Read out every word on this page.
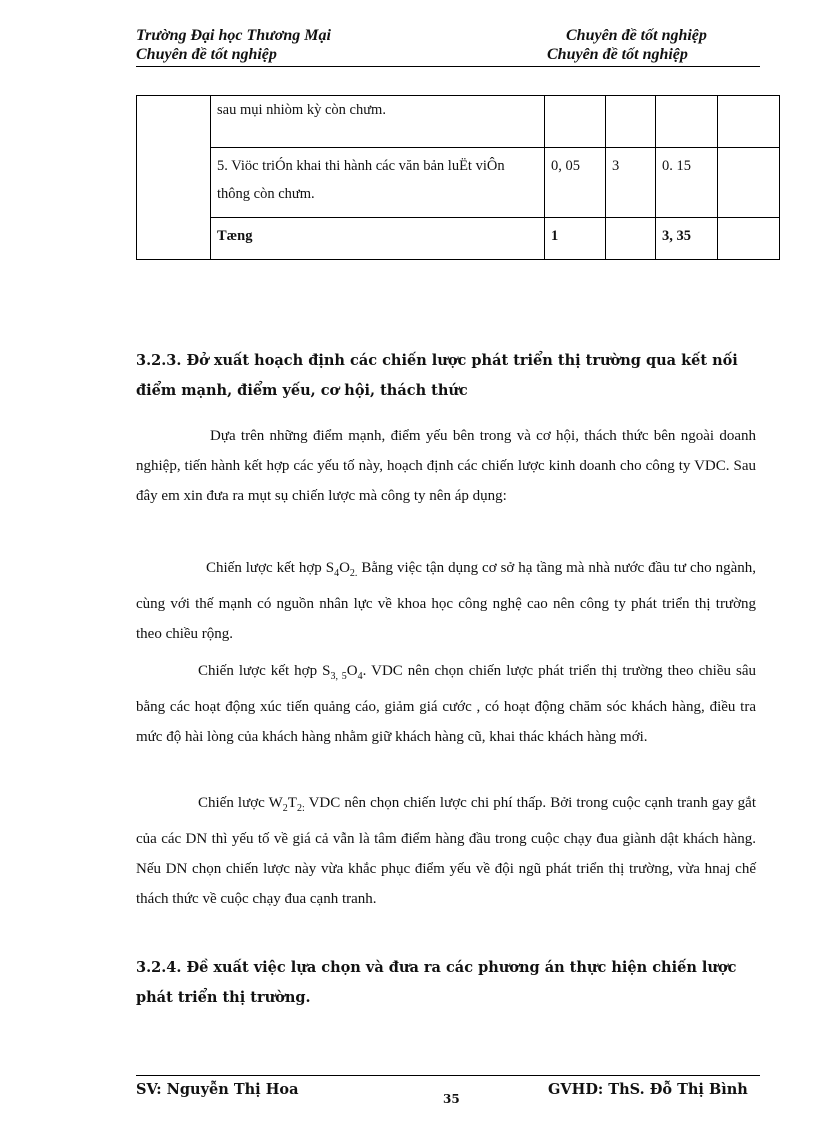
Trường Đại học Thương Mại
Chuyên đề tốt nghiệp
Chuyên đề tốt nghiệp
Chuyên đề tốt nghiệp
	sau mụi nhiòm kỳ còn chưm.				
	5. Viöc triÓn khai thi hành các văn bản luËt viÔn thông còn chưm.	0, 05	3	0. 15	
	Tæng	1		3, 35	
3.2.3. Đở xuất hoạch định các chiến lược phát triển thị trường qua kết nối điểm mạnh, điểm yếu, cơ hội, thách thức
Dựa trên những điểm mạnh, điểm yếu bên trong và cơ hội, thách thức bên ngoài doanh nghiệp, tiến hành kết hợp các yếu tố này, hoạch định các chiến lược kinh doanh cho công ty VDC. Sau đây em xin đưa ra mụt sụ chiến lược mà công ty nên áp dụng:
Chiến lược kết hợp $S_4O_{2.}$ Bằng việc tận dụng cơ sở hạ tầng mà nhà nước đầu tư cho ngành, cùng với thế mạnh có nguồn nhân lực về khoa học công nghệ cao nên công ty phát triển thị trường theo chiều rộng.
Chiến lược kết hợp $S_{3, 5}O_4$. VDC nên chọn chiến lược phát triển thị trường theo chiều sâu bằng các hoạt động xúc tiến quảng cáo, giảm giá cước , có hoạt động chăm sóc khách hàng, điều tra mức độ hài lòng của khách hàng nhằm giữ khách hàng cũ, khai thác khách hàng mới.
Chiến lược $W_2T_{2:}$ VDC nên chọn chiến lược chi phí thấp. Bởi trong cuộc cạnh tranh gay gắt của các DN thì yếu tố về giá cả vẫn là tâm điểm hàng đầu trong cuộc chạy đua giành dật khách hàng. Nếu DN chọn chiến lược này vừa khắc phục điểm yếu về đội ngũ phát triển thị trường, vừa hnaj chế thách thức về cuộc chạy đua cạnh tranh.
3.2.4. Đề xuất việc lựa chọn và đưa ra các phương án thực hiện chiến lược phát triển thị trường.
SV: Nguyễn Thị Hoa
35
GVHD: ThS. Đỗ Thị Bình
